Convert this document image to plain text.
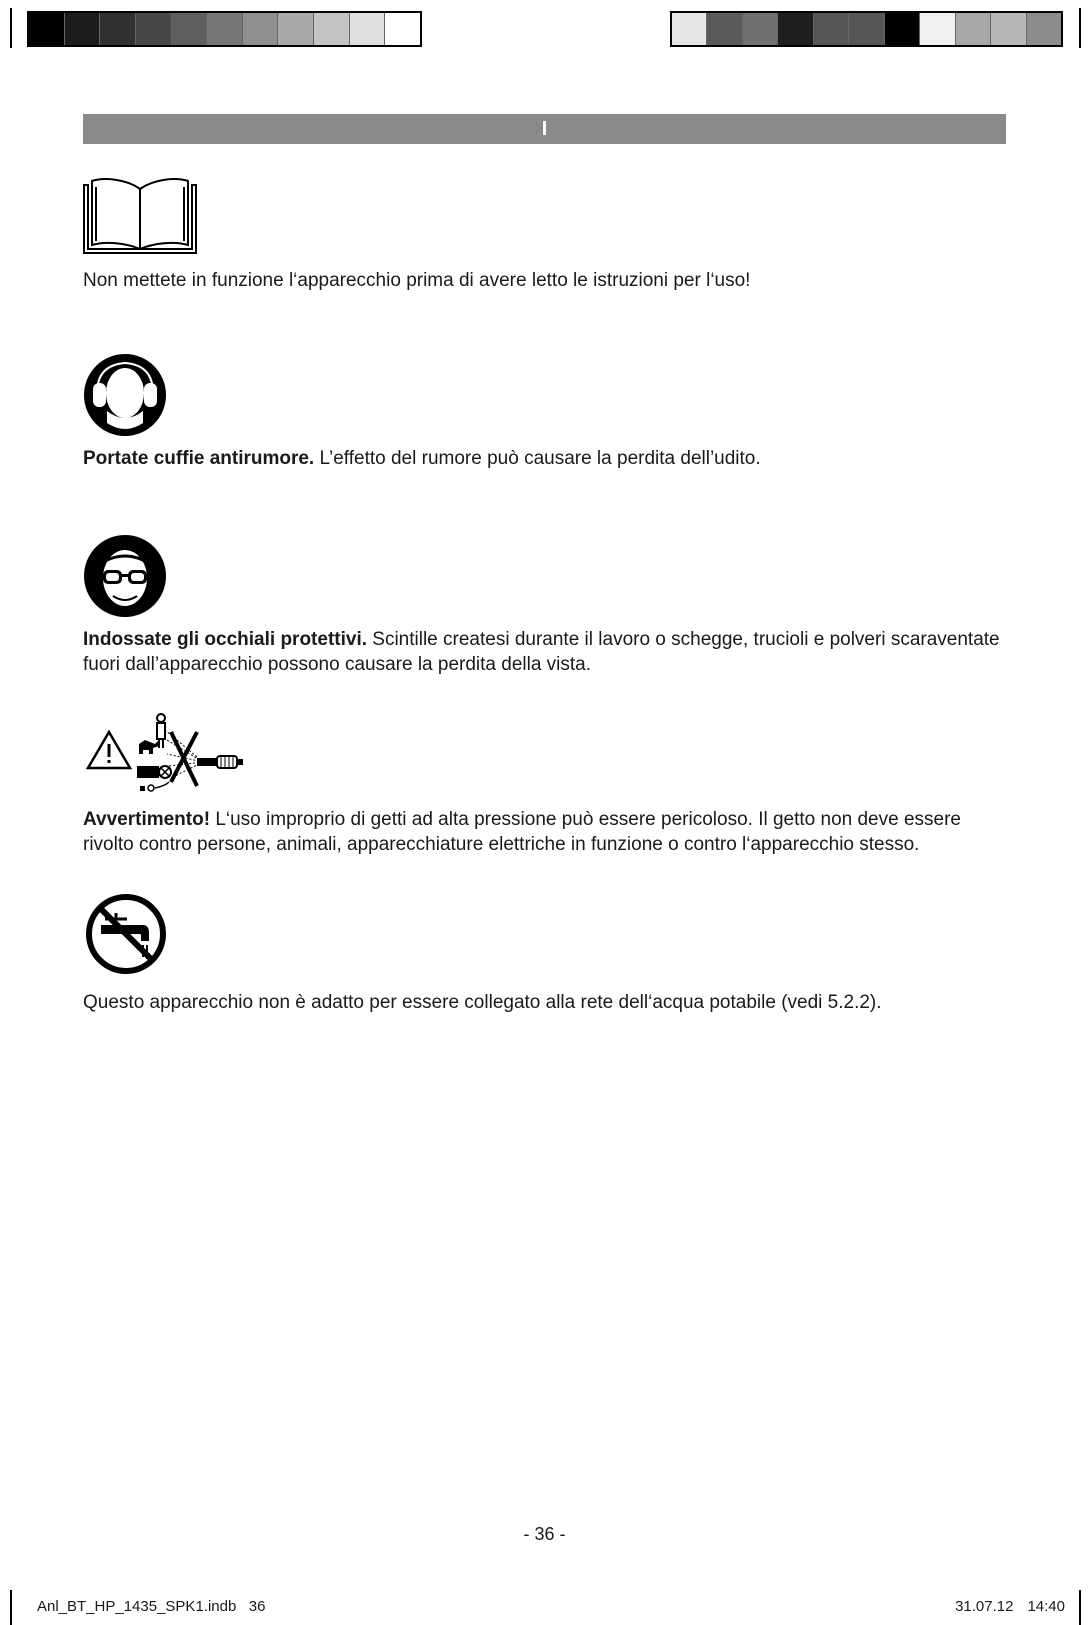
I
Non mettete in funzione l‘apparecchio prima di avere letto le istruzioni per l‘uso!
Portate cuffie antirumore. L’effetto del rumore può causare la perdita dell’udito.
Indossate gli occhiali protettivi. Scintille createsi durante il lavoro o schegge, trucioli e polveri scaraventate fuori dall’apparecchio possono causare la perdita della vista.
Avvertimento! L‘uso improprio di getti ad alta pressione può essere pericoloso. Il getto non deve essere rivolto contro persone, animali, apparecchiature elettriche in funzione o contro l‘apparecchio stesso.
Questo apparecchio non è adatto per essere collegato alla rete dell‘acqua potabile (vedi 5.2.2).
- 36 -
Anl_BT_HP_1435_SPK1.indb   36	31.07.12 14:40
